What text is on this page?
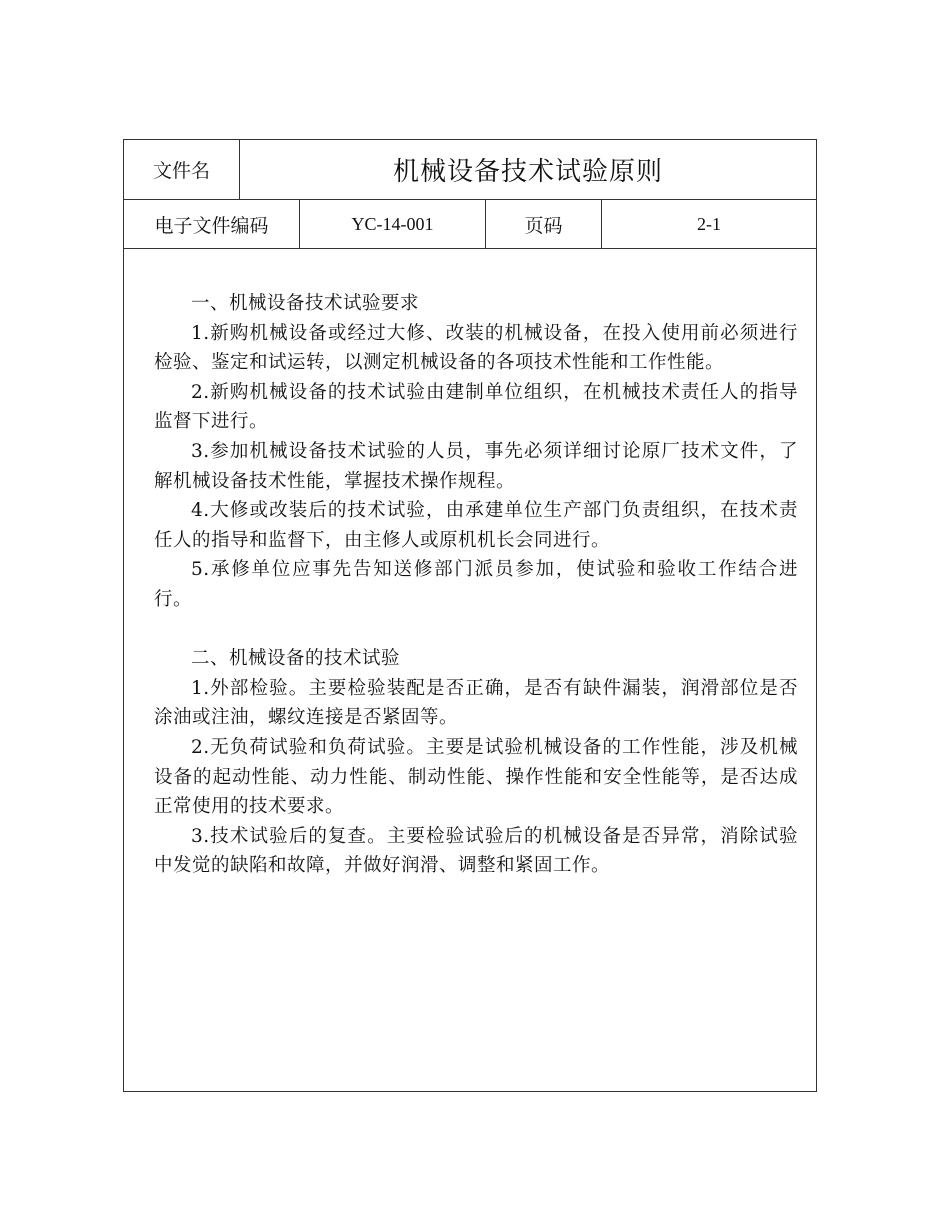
文件名	机械设备技术试验原则
电子文件编码	YC-14-001	页码	2-1

一、机械设备技术试验要求

1.新购机械设备或经过大修、改装的机械设备，在投入使用前必须进行检验、鉴定和试运转，以测定机械设备的各项技术性能和工作性能。

2.新购机械设备的技术试验由建制单位组织，在机械技术责任人的指导监督下进行。

3.参加机械设备技术试验的人员，事先必须详细讨论原厂技术文件，了解机械设备技术性能，掌握技术操作规程。

4.大修或改装后的技术试验，由承建单位生产部门负责组织，在技术责任人的指导和监督下，由主修人或原机机长会同进行。

5.承修单位应事先告知送修部门派员参加，使试验和验收工作结合进行。

二、机械设备的技术试验

1.外部检验。主要检验装配是否正确，是否有缺件漏装，润滑部位是否涂油或注油，螺纹连接是否紧固等。

2.无负荷试验和负荷试验。主要是试验机械设备的工作性能，涉及机械设备的起动性能、动力性能、制动性能、操作性能和安全性能等，是否达成正常使用的技术要求。

3.技术试验后的复查。主要检验试验后的机械设备是否异常，消除试验中发觉的缺陷和故障，并做好润滑、调整和紧固工作。
